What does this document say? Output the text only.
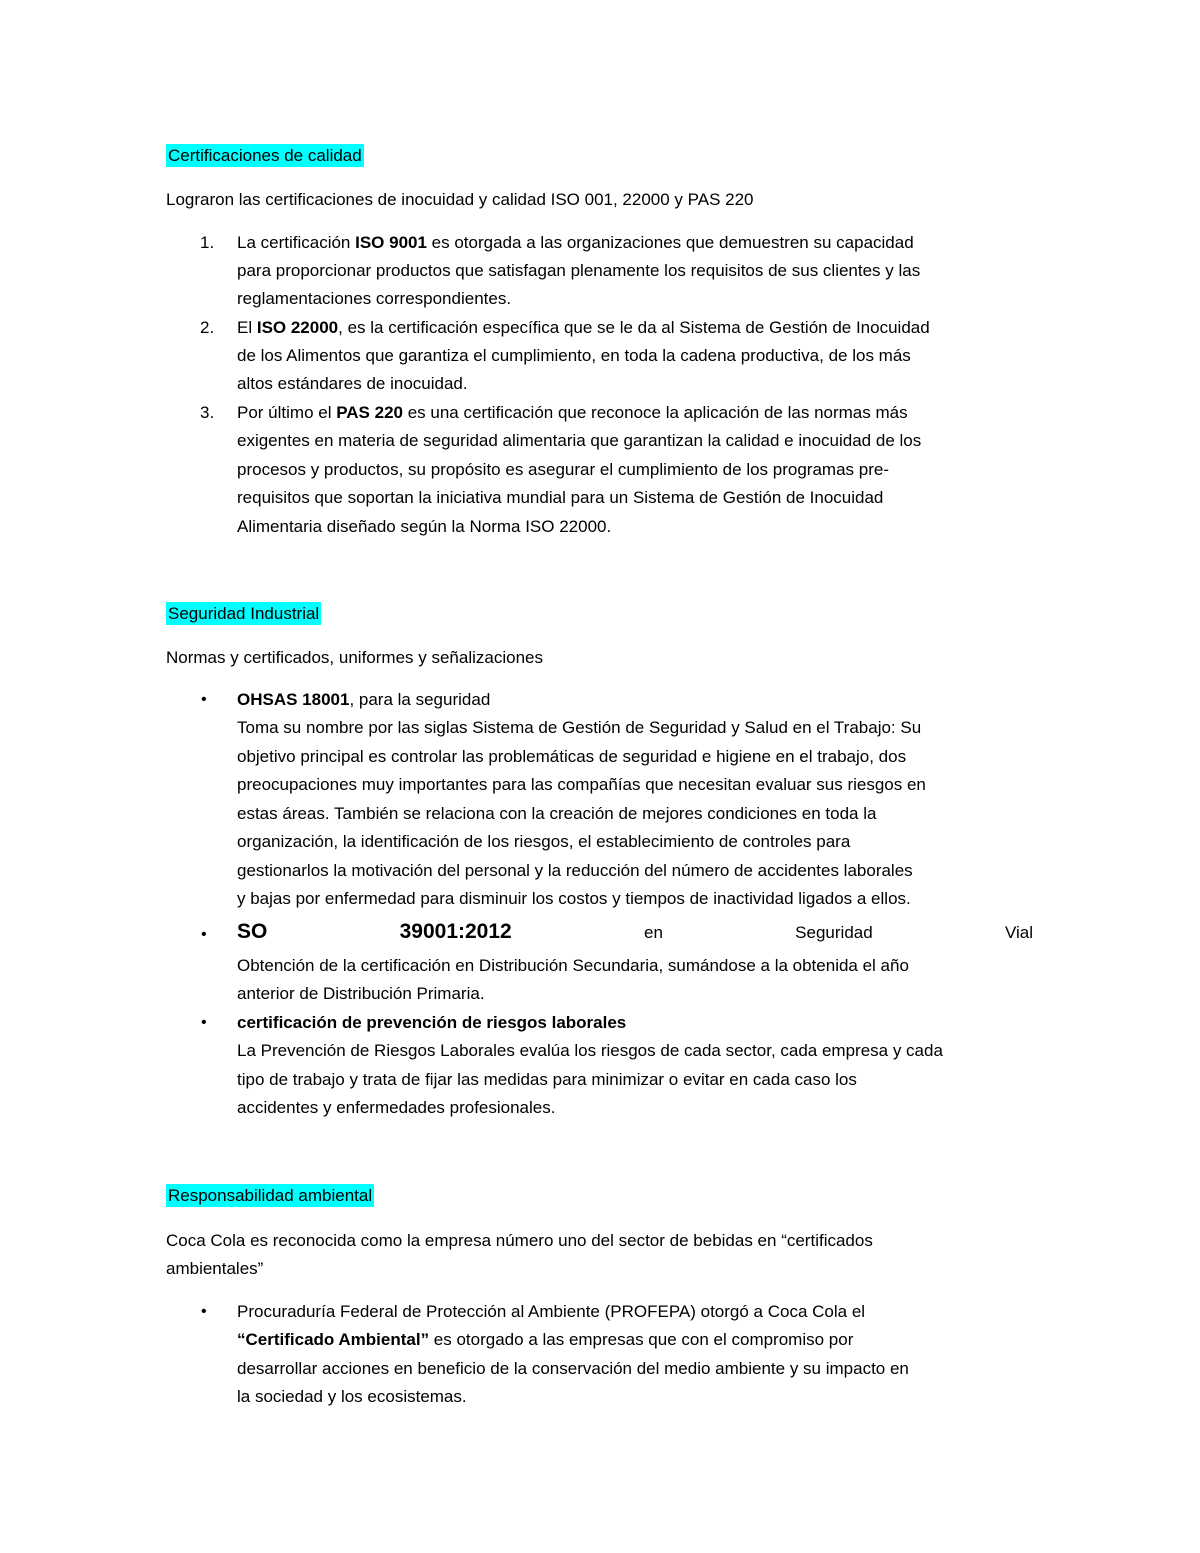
Certificaciones de calidad
Lograron las certificaciones de inocuidad y calidad ISO 001, 22000 y PAS 220
1. La certificación ISO 9001 es otorgada a las organizaciones que demuestren su capacidad
para proporcionar productos que satisfagan plenamente los requisitos de sus clientes y las
reglamentaciones correspondientes.
2. El ISO 22000, es la certificación específica que se le da al Sistema de Gestión de Inocuidad
de los Alimentos que garantiza el cumplimiento, en toda la cadena productiva, de los más
altos estándares de inocuidad.
3. Por último el PAS 220 es una certificación que reconoce la aplicación de las normas más
exigentes en materia de seguridad alimentaria que garantizan la calidad e inocuidad de los
procesos y productos, su propósito es asegurar el cumplimiento de los programas pre-
requisitos que soportan la iniciativa mundial para un Sistema de Gestión de Inocuidad
Alimentaria diseñado según la Norma ISO 22000.
Seguridad Industrial
Normas y certificados, uniformes y señalizaciones
• OHSAS 18001, para la seguridad
Toma su nombre por las siglas Sistema de Gestión de Seguridad y Salud en el Trabajo: Su
objetivo principal es controlar las problemáticas de seguridad e higiene en el trabajo, dos
preocupaciones muy importantes para las compañías que necesitan evaluar sus riesgos en
estas áreas. También se relaciona con la creación de mejores condiciones en toda la
organización, la identificación de los riesgos, el establecimiento de controles para
gestionarlos la motivación del personal y la reducción del número de accidentes laborales
y bajas por enfermedad para disminuir los costos y tiempos de inactividad ligados a ellos.
• SO	39001:2012	en	Seguridad	Vial
Obtención de la certificación en Distribución Secundaria, sumándose a la obtenida el año
anterior de Distribución Primaria.
• certificación de prevención de riesgos laborales
La Prevención de Riesgos Laborales evalúa los riesgos de cada sector, cada empresa y cada
tipo de trabajo y trata de fijar las medidas para minimizar o evitar en cada caso los
accidentes y enfermedades profesionales.
Responsabilidad ambiental
Coca Cola es reconocida como la empresa número uno del sector de bebidas en “certificados
ambientales”
• Procuraduría Federal de Protección al Ambiente (PROFEPA) otorgó a Coca Cola el
“Certificado Ambiental” es otorgado a las empresas que con el compromiso por
desarrollar acciones en beneficio de la conservación del medio ambiente y su impacto en
la sociedad y los ecosistemas.
